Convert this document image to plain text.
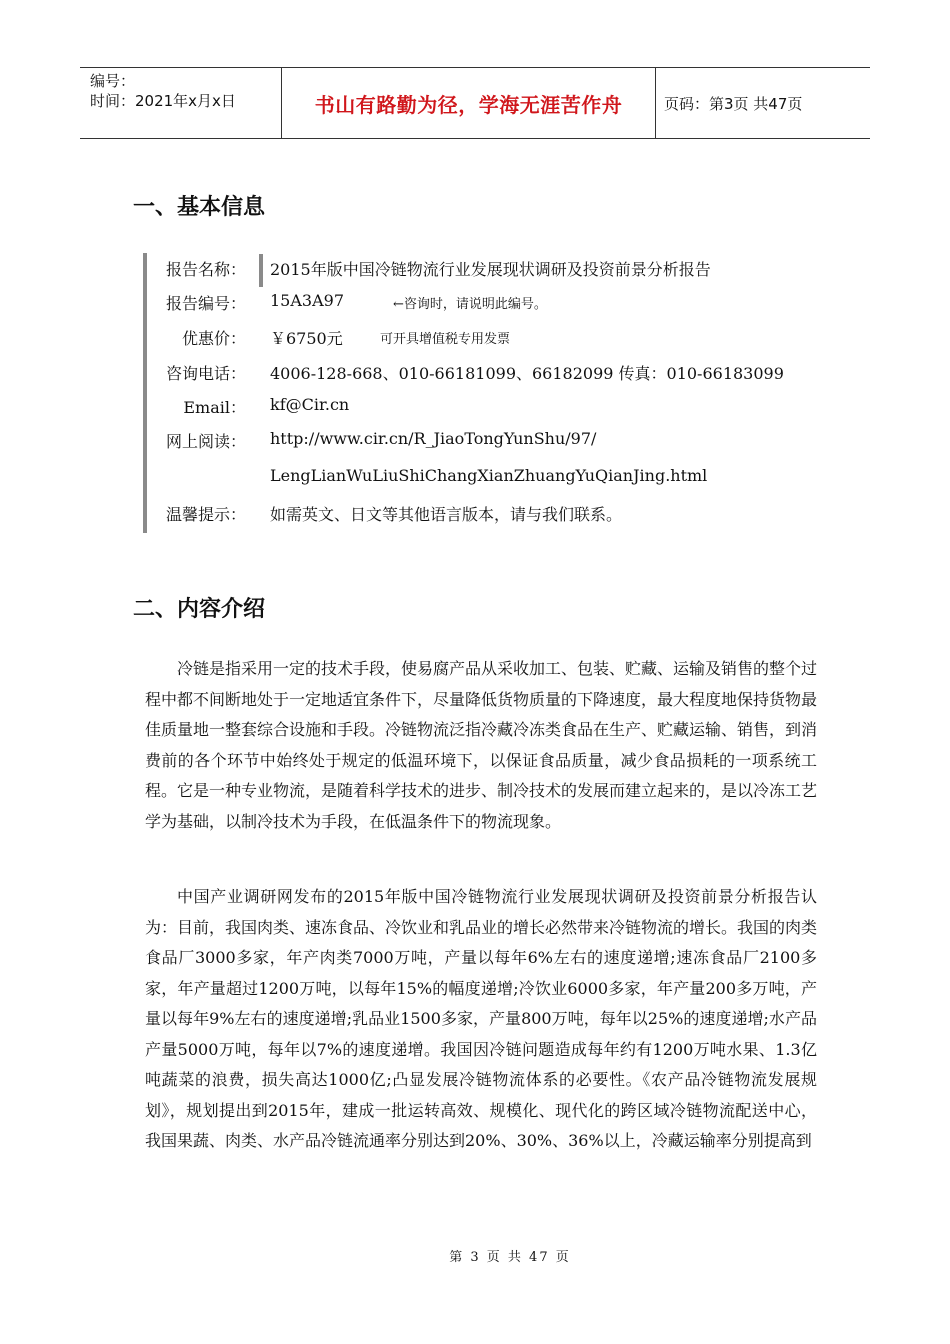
编号：
时间：2021年x月x日	书山有路勤为径，学海无涯苦作舟	页码：第3页 共47页
一、基本信息
报告名称： 2015年版中国冷链物流行业发展现状调研及投资前景分析报告
报告编号： 15A3A97	←咨询时，请说明此编号。
优惠价： ￥6750元	可开具增值税专用发票
咨询电话： 4006-128-668、010-66181099、66182099 传真：010-66183099
Email： kf@Cir.cn
网上阅读： http://www.cir.cn/R_JiaoTongYunShu/97/
LengLianWuLiuShiChangXianZhuangYuQianJing.html
温馨提示： 如需英文、日文等其他语言版本，请与我们联系。
二、内容介绍

冷链是指采用一定的技术手段，使易腐产品从采收加工、包装、贮藏、运输及销售的整个过程中都不间断地处于一定地适宜条件下，尽量降低货物质量的下降速度，最大程度地保持货物最佳质量地一整套综合设施和手段。冷链物流泛指冷藏冷冻类食品在生产、贮藏运输、销售，到消费前的各个环节中始终处于规定的低温环境下，以保证食品质量，减少食品损耗的一项系统工程。它是一种专业物流，是随着科学技术的进步、制冷技术的发展而建立起来的，是以冷冻工艺学为基础，以制冷技术为手段，在低温条件下的物流现象。

中国产业调研网发布的2015年版中国冷链物流行业发展现状调研及投资前景分析报告认为：目前，我国肉类、速冻食品、冷饮业和乳品业的增长必然带来冷链物流的增长。我国的肉类食品厂3000多家，年产肉类7000万吨，产量以每年6%左右的速度递增;速冻食品厂2100多家，年产量超过1200万吨，以每年15%的幅度递增;冷饮业6000多家，年产量200多万吨，产量以每年9%左右的速度递增;乳品业1500多家，产量800万吨，每年以25%的速度递增;水产品产量5000万吨，每年以7%的速度递增。我国因冷链问题造成每年约有1200万吨水果、1.3亿吨蔬菜的浪费，损失高达1000亿;凸显发展冷链物流体系的必要性。《农产品冷链物流发展规划》，规划提出到2015年，建成一批运转高效、规模化、现代化的跨区域冷链物流配送中心，我国果蔬、肉类、水产品冷链流通率分别达到20%、30%、36%以上，冷藏运输率分别提高到

第 3 页 共 47 页
